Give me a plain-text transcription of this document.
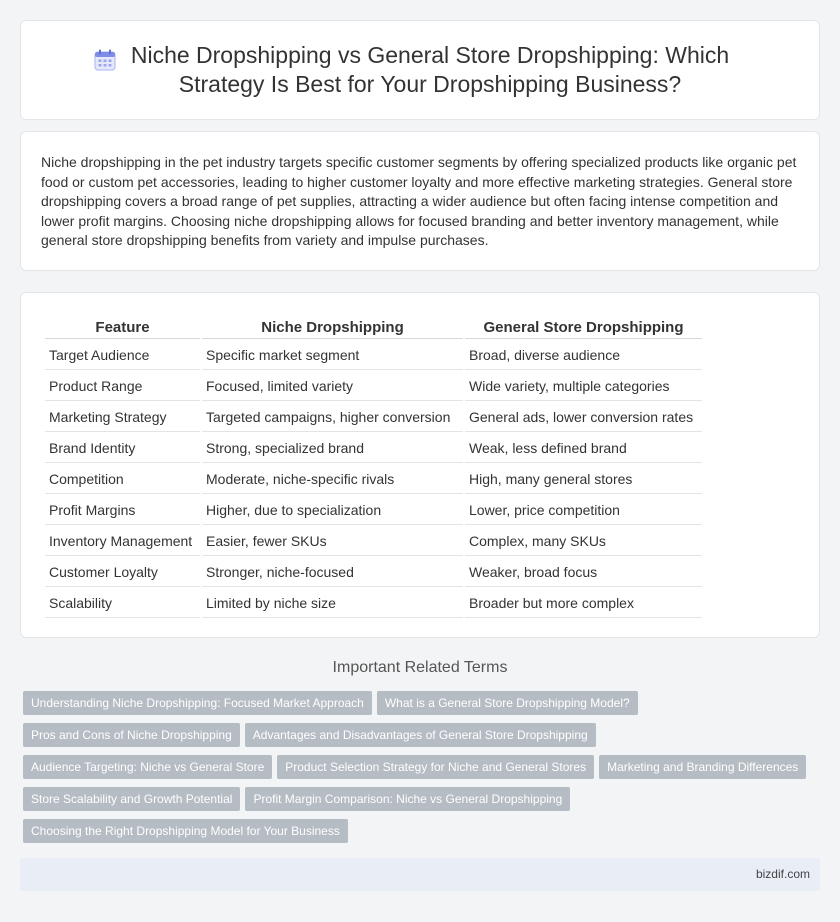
Niche Dropshipping vs General Store Dropshipping: Which Strategy Is Best for Your Dropshipping Business?

Niche dropshipping in the pet industry targets specific customer segments by offering specialized products like organic pet food or custom pet accessories, leading to higher customer loyalty and more effective marketing strategies. General store dropshipping covers a broad range of pet supplies, attracting a wider audience but often facing intense competition and lower profit margins. Choosing niche dropshipping allows for focused branding and better inventory management, while general store dropshipping benefits from variety and impulse purchases.

Feature	Niche Dropshipping	General Store Dropshipping
Target Audience	Specific market segment	Broad, diverse audience
Product Range	Focused, limited variety	Wide variety, multiple categories
Marketing Strategy	Targeted campaigns, higher conversion	General ads, lower conversion rates
Brand Identity	Strong, specialized brand	Weak, less defined brand
Competition	Moderate, niche-specific rivals	High, many general stores
Profit Margins	Higher, due to specialization	Lower, price competition
Inventory Management	Easier, fewer SKUs	Complex, many SKUs
Customer Loyalty	Stronger, niche-focused	Weaker, broad focus
Scalability	Limited by niche size	Broader but more complex
Important Related Terms
Understanding Niche Dropshipping: Focused Market Approach What is a General Store Dropshipping Model?
Pros and Cons of Niche Dropshipping Advantages and Disadvantages of General Store Dropshipping
Audience Targeting: Niche vs General Store Product Selection Strategy for Niche and General Stores Marketing and Branding Differences
Store Scalability and Growth Potential Profit Margin Comparison: Niche vs General Dropshipping
Choosing the Right Dropshipping Model for Your Business
bizdif.com
